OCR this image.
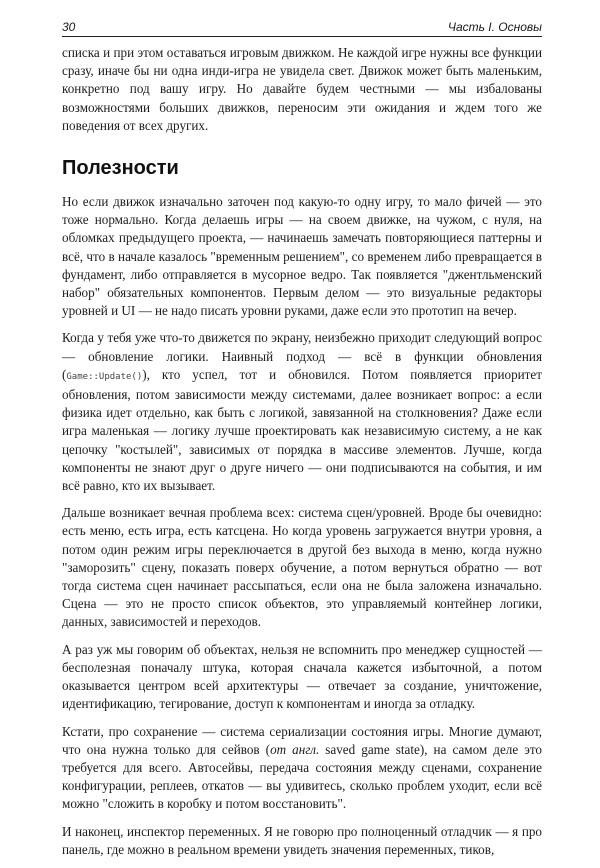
30	Часть I. Основы

списка и при этом оставаться игровым движком. Не каждой игре нужны все функции сразу, иначе бы ни одна инди-игра не увидела свет. Движок может быть маленьким, конкретно под вашу игру. Но давайте будем честными — мы избалованы возможностями больших движков, переносим эти ожидания и ждем того же поведения от всех других.

Полезности

Но если движок изначально заточен под какую-то одну игру, то мало фичей — это тоже нормально. Когда делаешь игры — на своем движке, на чужом, с нуля, на обломках предыдущего проекта, — начинаешь замечать повторяющиеся паттерны и всё, что в начале казалось "временным решением", со временем либо превращается в фундамент, либо отправляется в мусорное ведро. Так появляется "джентльменский набор" обязательных компонентов. Первым делом — это визуальные редакторы уровней и UI — не надо писать уровни руками, даже если это прототип на вечер.

Когда у тебя уже что-то движется по экрану, неизбежно приходит следующий вопрос — обновление логики. Наивный подход — всё в функции обновления (Game::Update()), кто успел, тот и обновился. Потом появляется приоритет обновления, потом зависимости между системами, далее возникает вопрос: а если физика идет отдельно, как быть с логикой, завязанной на столкновения? Даже если игра маленькая — логику лучше проектировать как независимую систему, а не как цепочку "костылей", зависимых от порядка в массиве элементов. Лучше, когда компоненты не знают друг о друге ничего — они подписываются на события, и им всё равно, кто их вызывает.

Дальше возникает вечная проблема всех: система сцен/уровней. Вроде бы очевидно: есть меню, есть игра, есть катсцена. Но когда уровень загружается внутри уровня, а потом один режим игры переключается в другой без выхода в меню, когда нужно "заморозить" сцену, показать поверх обучение, а потом вернуться обратно — вот тогда система сцен начинает рассыпаться, если она не была заложена изначально. Сцена — это не просто список объектов, это управляемый контейнер логики, данных, зависимостей и переходов.

А раз уж мы говорим об объектах, нельзя не вспомнить про менеджер сущностей — бесполезная поначалу штука, которая сначала кажется избыточной, а потом оказывается центром всей архитектуры — отвечает за создание, уничтожение, идентификацию, тегирование, доступ к компонентам и иногда за отладку.

Кстати, про сохранение — система сериализации состояния игры. Многие думают, что она нужна только для сейвов (от англ. saved game state), на самом деле это требуется для всего. Автосейвы, передача состояния между сценами, сохранение конфигурации, реплеев, откатов — вы удивитесь, сколько проблем уходит, если всё можно "сложить в коробку и потом восстановить".

И наконец, инспектор переменных. Я не говорю про полноценный отладчик — я про панель, где можно в реальном времени увидеть значения переменных, тиков,
